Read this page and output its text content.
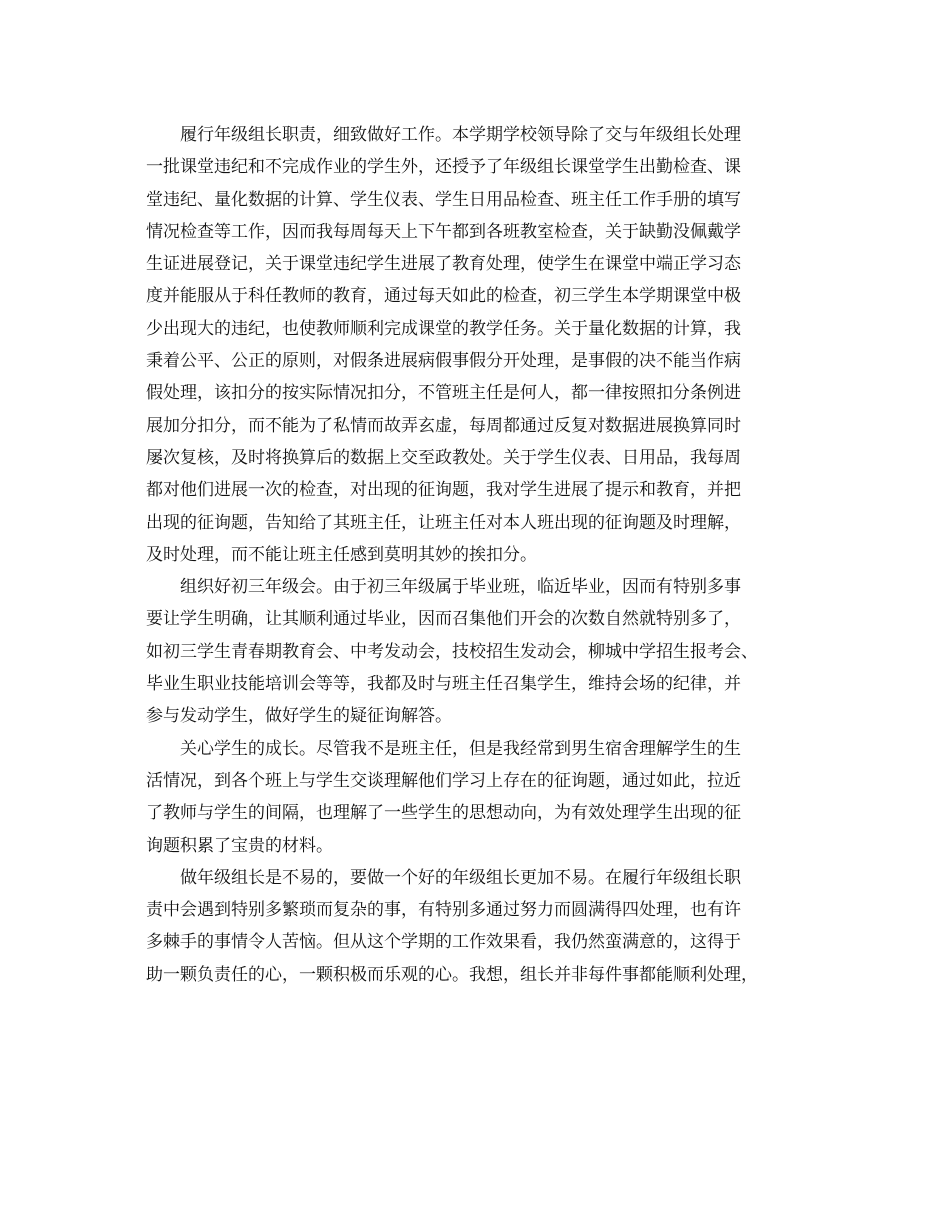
履行年级组长职责，细致做好工作。本学期学校领导除了交与年级组长处理
一批课堂违纪和不完成作业的学生外，还授予了年级组长课堂学生出勤检查、课
堂违纪、量化数据的计算、学生仪表、学生日用品检查、班主任工作手册的填写
情况检查等工作，因而我每周每天上下午都到各班教室检查，关于缺勤没佩戴学
生证进展登记，关于课堂违纪学生进展了教育处理，使学生在课堂中端正学习态
度并能服从于科任教师的教育，通过每天如此的检查，初三学生本学期课堂中极
少出现大的违纪，也使教师顺利完成课堂的教学任务。关于量化数据的计算，我
秉着公平、公正的原则，对假条进展病假事假分开处理，是事假的决不能当作病
假处理，该扣分的按实际情况扣分，不管班主任是何人，都一律按照扣分条例进
展加分扣分，而不能为了私情而故弄玄虚，每周都通过反复对数据进展换算同时
屡次复核，及时将换算后的数据上交至政教处。关于学生仪表、日用品，我每周
都对他们进展一次的检查，对出现的征询题，我对学生进展了提示和教育，并把
出现的征询题，告知给了其班主任，让班主任对本人班出现的征询题及时理解，
及时处理，而不能让班主任感到莫明其妙的挨扣分。
组织好初三年级会。由于初三年级属于毕业班，临近毕业，因而有特别多事
要让学生明确，让其顺利通过毕业，因而召集他们开会的次数自然就特别多了，
如初三学生青春期教育会、中考发动会，技校招生发动会，柳城中学招生报考会、
毕业生职业技能培训会等等，我都及时与班主任召集学生，维持会场的纪律，并
参与发动学生，做好学生的疑征询解答。
关心学生的成长。尽管我不是班主任，但是我经常到男生宿舍理解学生的生
活情况，到各个班上与学生交谈理解他们学习上存在的征询题，通过如此，拉近
了教师与学生的间隔，也理解了一些学生的思想动向，为有效处理学生出现的征
询题积累了宝贵的材料。
做年级组长是不易的，要做一个好的年级组长更加不易。在履行年级组长职
责中会遇到特别多繁琐而复杂的事，有特别多通过努力而圆满得四处理，也有许
多棘手的事情令人苦恼。但从这个学期的工作效果看，我仍然蛮满意的，这得于
助一颗负责任的心，一颗积极而乐观的心。我想，组长并非每件事都能顺利处理，
